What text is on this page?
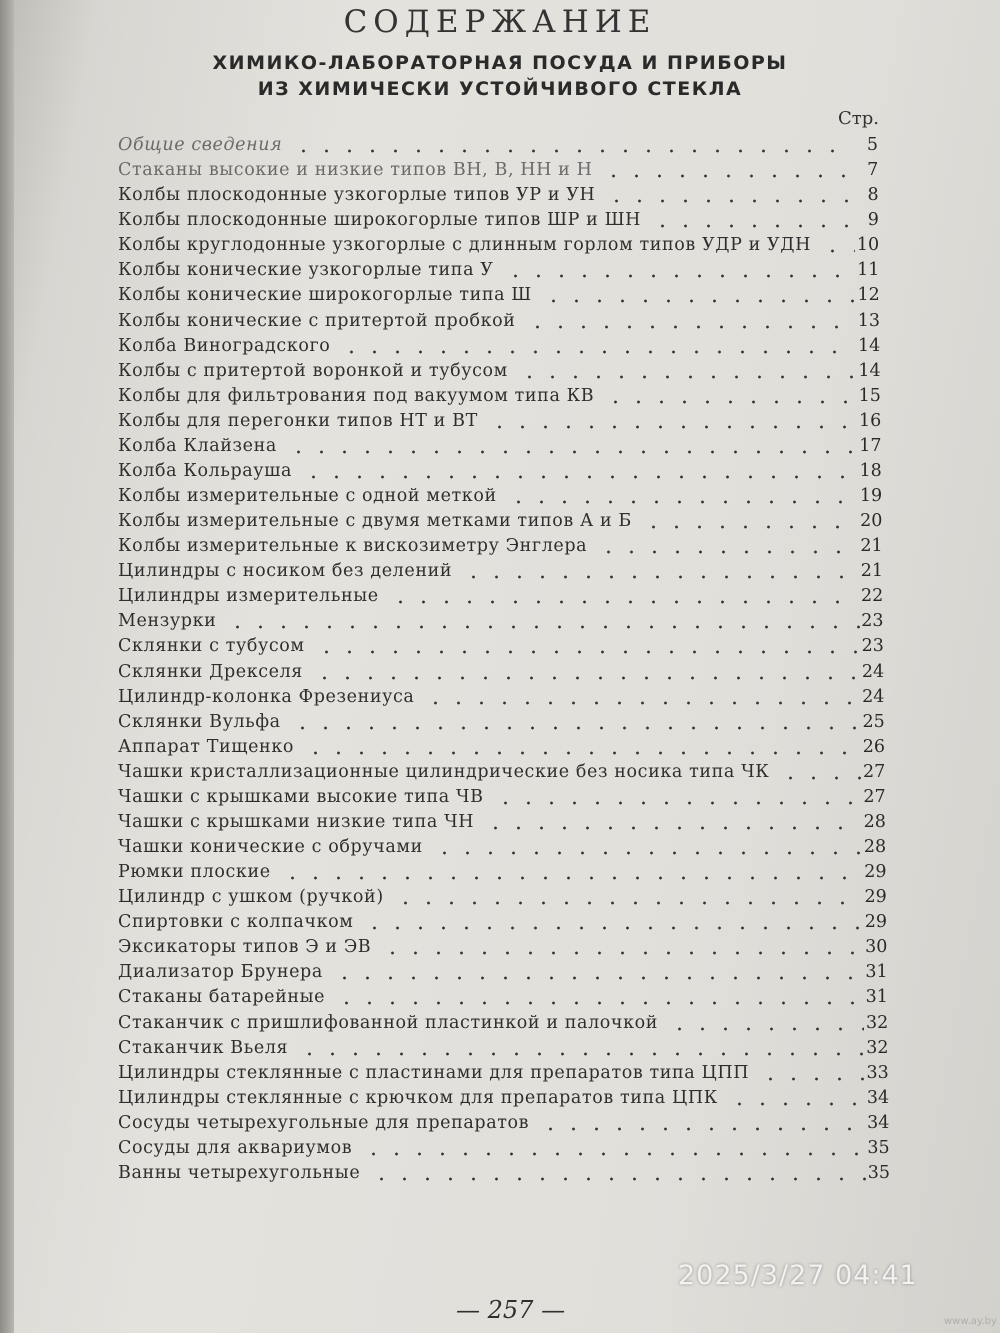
СОДЕРЖАНИЕ
ХИМИКО-ЛАБОРАТОРНАЯ ПОСУДА И ПРИБОРЫ
ИЗ ХИМИЧЕСКИ УСТОЙЧИВОГО СТЕКЛА
Стр.
Общие сведения	5
Стаканы высокие и низкие типов ВН, В, НН и Н	7
Колбы плоскодонные узкогорлые типов УР и УН	8
Колбы плоскодонные широкогорлые типов ШР и ШН	9
Колбы круглодонные узкогорлые с длинным горлом типов УДР и УДН	10
Колбы конические узкогорлые типа У	11
Колбы конические широкогорлые типа Ш	12
Колбы конические с притертой пробкой	13
Колба Виноградского	14
Колбы с притертой воронкой и тубусом	14
Колбы для фильтрования под вакуумом типа КВ	15
Колбы для перегонки типов НТ и ВТ	16
Колба Клайзена	17
Колба Кольрауша	18
Колбы измерительные с одной меткой	19
Колбы измерительные с двумя метками типов А и Б	20
Колбы измерительные к вискозиметру Энглера	21
Цилиндры с носиком без делений	21
Цилиндры измерительные	22
Мензурки	23
Склянки с тубусом	23
Склянки Дрекселя	24
Цилиндр-колонка Фрезениуса	24
Склянки Вульфа	25
Аппарат Тищенко	26
Чашки кристаллизационные цилиндрические без носика типа ЧК	27
Чашки с крышками высокие типа ЧВ	27
Чашки с крышками низкие типа ЧН	28
Чашки конические с обручами	28
Рюмки плоские	29
Цилиндр с ушком (ручкой)	29
Спиртовки с колпачком	29
Эксикаторы типов Э и ЭВ	30
Диализатор Брунера	31
Стаканы батарейные	31
Стаканчик с пришлифованной пластинкой и палочкой	32
Стаканчик Вьеля	32
Цилиндры стеклянные с пластинами для препаратов типа ЦПП	33
Цилиндры стеклянные с крючком для препаратов типа ЦПК	34
Сосуды четырехугольные для препаратов	34
Сосуды для аквариумов	35
Ванны четырехугольные	35
— 257 —
2025/3/27 04:41
www.ay.by
